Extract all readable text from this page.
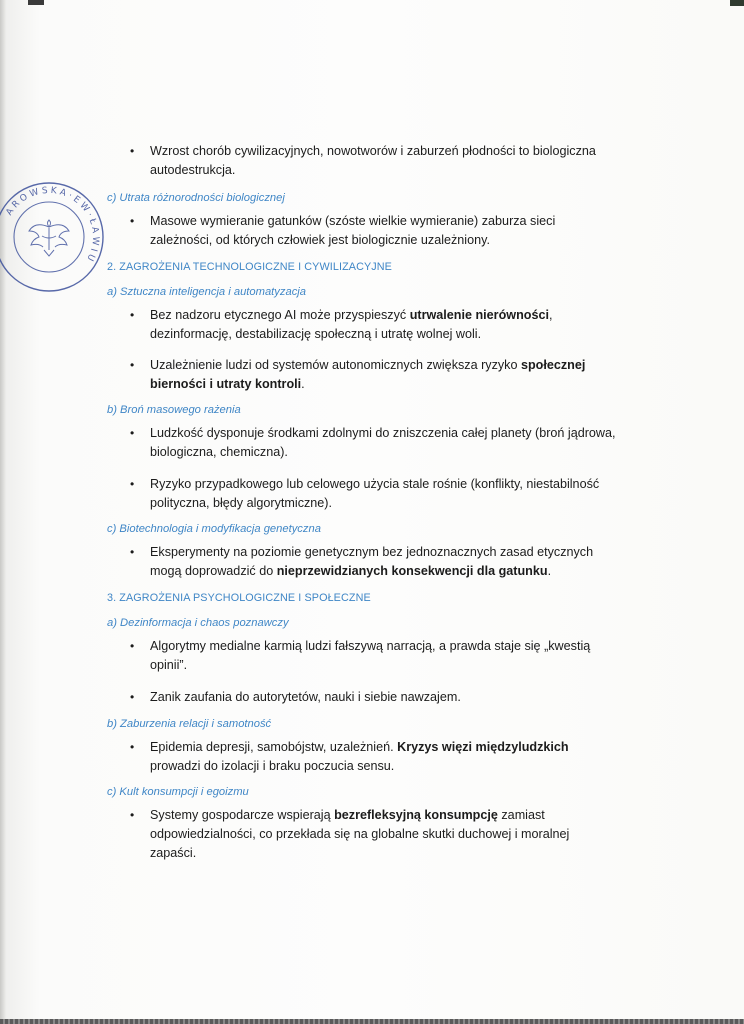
A R O W S K A · E W · Ł A W I U
• Wzrost chorób cywilizacyjnych, nowotworów i zaburzeń płodności to biologiczna autodestrukcja.

c) Utrata różnorodności biologicznej

• Masowe wymieranie gatunków (szóste wielkie wymieranie) zaburza sieci zależności, od których człowiek jest biologicznie uzależniony.

2. ZAGROŻENIA TECHNOLOGICZNE I CYWILIZACYJNE

a) Sztuczna inteligencja i automatyzacja

• Bez nadzoru etycznego AI może przyspieszyć utrwalenie nierówności, dezinformację, destabilizację społeczną i utratę wolnej woli.
• Uzależnienie ludzi od systemów autonomicznych zwiększa ryzyko społecznej bierności i utraty kontroli.

b) Broń masowego rażenia

• Ludzkość dysponuje środkami zdolnymi do zniszczenia całej planety (broń jądrowa, biologiczna, chemiczna).
• Ryzyko przypadkowego lub celowego użycia stale rośnie (konflikty, niestabilność polityczna, błędy algorytmiczne).

c) Biotechnologia i modyfikacja genetyczna

• Eksperymenty na poziomie genetycznym bez jednoznacznych zasad etycznych mogą doprowadzić do nieprzewidzianych konsekwencji dla gatunku.

3. ZAGROŻENIA PSYCHOLOGICZNE I SPOŁECZNE

a) Dezinformacja i chaos poznawczy

• Algorytmy medialne karmią ludzi fałszywą narracją, a prawda staje się „kwestią opinii”.
• Zanik zaufania do autorytetów, nauki i siebie nawzajem.

b) Zaburzenia relacji i samotność

• Epidemia depresji, samobójstw, uzależnień. Kryzys więzi międzyludzkich prowadzi do izolacji i braku poczucia sensu.

c) Kult konsumpcji i egoizmu

• Systemy gospodarcze wspierają bezrefleksyjną konsumpcję zamiast odpowiedzialności, co przekłada się na globalne skutki duchowej i moralnej zapaści.
